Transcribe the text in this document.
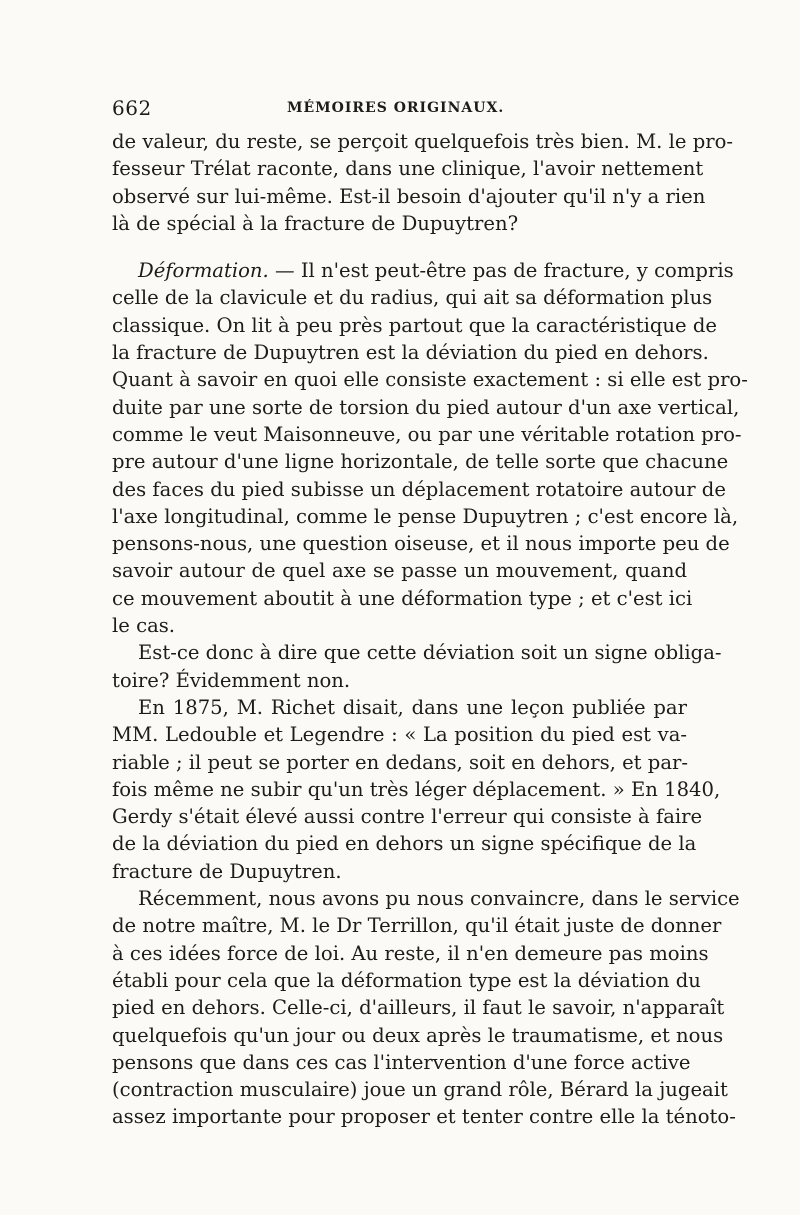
662	MÉMOIRES ORIGINAUX.
de valeur, du reste, se perçoit quelquefois très bien. M. le pro-
fesseur Trélat raconte, dans une clinique, l'avoir nettement
observé sur lui-même. Est-il besoin d'ajouter qu'il n'y a rien
là de spécial à la fracture de Dupuytren?
Déformation. — Il n'est peut-être pas de fracture, y compris
celle de la clavicule et du radius, qui ait sa déformation plus
classique. On lit à peu près partout que la caractéristique de
la fracture de Dupuytren est la déviation du pied en dehors.
Quant à savoir en quoi elle consiste exactement : si elle est pro-
duite par une sorte de torsion du pied autour d'un axe vertical,
comme le veut Maisonneuve, ou par une véritable rotation pro-
pre autour d'une ligne horizontale, de telle sorte que chacune
des faces du pied subisse un déplacement rotatoire autour de
l'axe longitudinal, comme le pense Dupuytren ; c'est encore là,
pensons-nous, une question oiseuse, et il nous importe peu de
savoir autour de quel axe se passe un mouvement, quand
ce mouvement aboutit à une déformation type ; et c'est ici
le cas.
Est-ce donc à dire que cette déviation soit un signe obliga-
toire? Évidemment non.
En 1875, M. Richet disait, dans une leçon publiée par
MM. Ledouble et Legendre : « La position du pied est va-
riable ; il peut se porter en dedans, soit en dehors, et par-
fois même ne subir qu'un très léger déplacement. » En 1840,
Gerdy s'était élevé aussi contre l'erreur qui consiste à faire
de la déviation du pied en dehors un signe spécifique de la
fracture de Dupuytren.
Récemment, nous avons pu nous convaincre, dans le service
de notre maître, M. le Dr Terrillon, qu'il était juste de donner
à ces idées force de loi. Au reste, il n'en demeure pas moins
établi pour cela que la déformation type est la déviation du
pied en dehors. Celle-ci, d'ailleurs, il faut le savoir, n'apparaît
quelquefois qu'un jour ou deux après le traumatisme, et nous
pensons que dans ces cas l'intervention d'une force active
(contraction musculaire) joue un grand rôle, Bérard la jugeait
assez importante pour proposer et tenter contre elle la ténoto-
